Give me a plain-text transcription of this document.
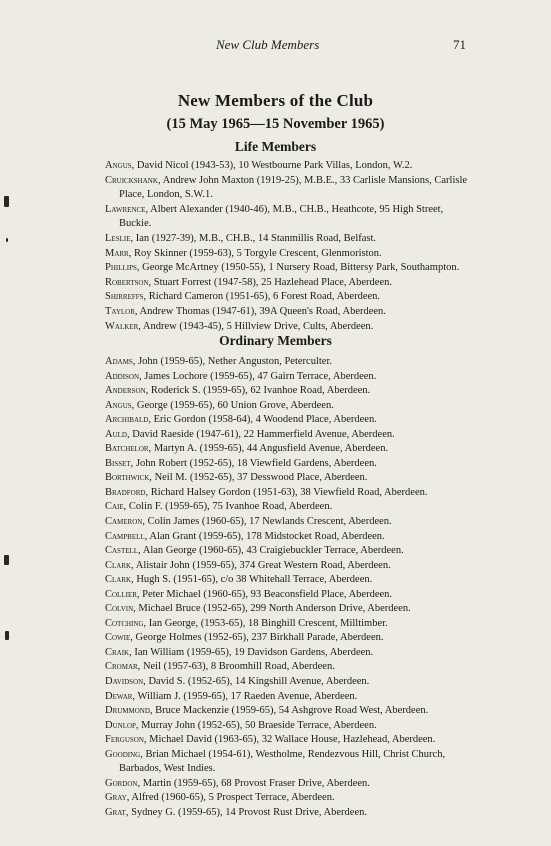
New Club Members	71
New Members of the Club
(15 May 1965—15 November 1965)
Life Members

Angus, David Nicol (1943-53), 10 Westbourne Park Villas, London, W.2.

Cruickshank, Andrew John Maxton (1919-25), M.B.E., 33 Carlisle Mansions, Carlisle Place, London, S.W.1.

Lawrence, Albert Alexander (1940-46), M.B., CH.B., Heathcote, 95 High Street, Buckie.

Leslie, Ian (1927-39), M.B., CH.B., 14 Stanmillis Road, Belfast.

Marr, Roy Skinner (1959-63), 5 Torgyle Crescent, Glenmoriston.

Phillips, George McArtney (1950-55), 1 Nursery Road, Bittersy Park, Southampton.

Robertson, Stuart Forrest (1947-58), 25 Hazlehead Place, Aberdeen.

Shirreffs, Richard Cameron (1951-65), 6 Forest Road, Aberdeen.

Taylor, Andrew Thomas (1947-61), 39A Queen's Road, Aberdeen.

Walker, Andrew (1943-45), 5 Hillview Drive, Cults, Aberdeen.

Ordinary Members

Adams, John (1959-65), Nether Anguston, Peterculter.

Addison, James Lochore (1959-65), 47 Gairn Terrace, Aberdeen.

Anderson, Roderick S. (1959-65), 62 Ivanhoe Road, Aberdeen.

Angus, George (1959-65), 60 Union Grove, Aberdeen.

Archibald, Eric Gordon (1958-64), 4 Woodend Place, Aberdeen.

Auld, David Raeside (1947-61), 22 Hammerfield Avenue, Aberdeen.

Batchelor, Martyn A. (1959-65), 44 Angusfield Avenue, Aberdeen.

Bisset, John Robert (1952-65), 18 Viewfield Gardens, Aberdeen.

Borthwick, Neil M. (1952-65), 37 Desswood Place, Aberdeen.

Bradford, Richard Halsey Gordon (1951-63), 38 Viewfield Road, Aberdeen.

Caie, Colin F. (1959-65), 75 Ivanhoe Road, Aberdeen.

Cameron, Colin James (1960-65), 17 Newlands Crescent, Aberdeen.

Campbell, Alan Grant (1959-65), 178 Midstocket Road, Aberdeen.

Castell, Alan George (1960-65), 43 Craigiebuckler Terrace, Aberdeen.

Clark, Alistair John (1959-65), 374 Great Western Road, Aberdeen.

Clark, Hugh S. (1951-65), c/o 38 Whitehall Terrace, Aberdeen.

Collier, Peter Michael (1960-65), 93 Beaconsfield Place, Aberdeen.

Colvin, Michael Bruce (1952-65), 299 North Anderson Drive, Aberdeen.

Cotching, Ian George, (1953-65), 18 Binghill Crescent, Milltimber.

Cowie, George Holmes (1952-65), 237 Birkhall Parade, Aberdeen.

Craik, Ian William (1959-65), 19 Davidson Gardens, Aberdeen.

Cromar, Neil (1957-63), 8 Broomhill Road, Aberdeen.

Davidson, David S. (1952-65), 14 Kingshill Avenue, Aberdeen.

Dewar, William J. (1959-65), 17 Raeden Avenue, Aberdeen.

Drummond, Bruce Mackenzie (1959-65), 54 Ashgrove Road West, Aberdeen.

Dunlop, Murray John (1952-65), 50 Braeside Terrace, Aberdeen.

Ferguson, Michael David (1963-65), 32 Wallace House, Hazlehead, Aberdeen.

Gooding, Brian Michael (1954-61), Westholme, Rendezvous Hill, Christ Church, Barbados, West Indies.

Gordon, Martin (1959-65), 68 Provost Fraser Drive, Aberdeen.

Gray, Alfred (1960-65), 5 Prospect Terrace, Aberdeen.

Grat, Sydney G. (1959-65), 14 Provost Rust Drive, Aberdeen.
